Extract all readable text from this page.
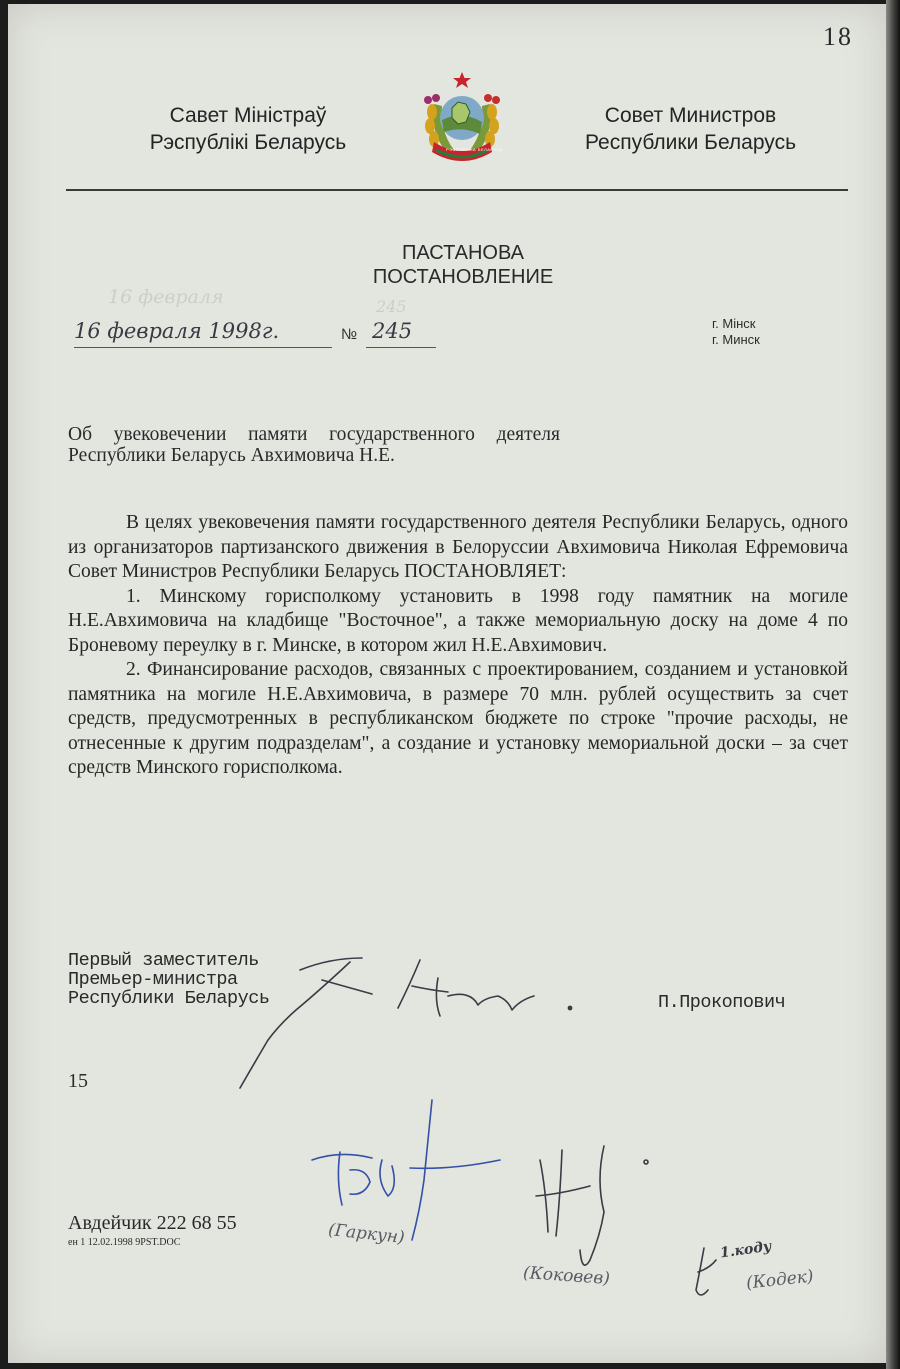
18
Савет Міністраў
Рэспублікі Беларусь	РЭСПУБЛІКА БЕЛАРУСЬ
Совет Министров
Республики Беларусь
ПАСТАНОВА
ПОСТАНОВЛЕНИЕ
16 февраля	245
16 февраля 1998г.	№ 245	г. Мінск
г. Минск
Об увековечении памяти государственного деятеля Республики Беларусь Авхимовича Н.Е.

В целях увековечения памяти государственного деятеля Республики Беларусь, одного из организаторов партизанского движения в Белоруссии Авхимовича Николая Ефремовича Совет Министров Республики Беларусь ПОСТАНОВЛЯЕТ:

1. Минскому горисполкому установить в 1998 году памятник на могиле Н.Е.Авхимовича на кладбище "Восточное", а также мемориальную доску на доме 4 по Броневому переулку в г. Минске, в котором жил Н.Е.Авхимович.

2. Финансирование расходов, связанных с проектированием, созданием и установкой памятника на могиле Н.Е.Авхимовича, в размере 70 млн. рублей осуществить за счет средств, предусмотренных в республиканском бюджете по строке "прочие расходы, не отнесенные к другим подразделам", а создание и установку мемориальной доски – за счет средств Минского горисполкома.

Первый заместитель
Премьер-министра
Республики Беларусь	П.Прокопович
15
Авдейчик 222 68 55
ен 1 12.02.1998 9PST.DOC	(Гаркун)
(Коковев)	(Кодек)
1.коду
